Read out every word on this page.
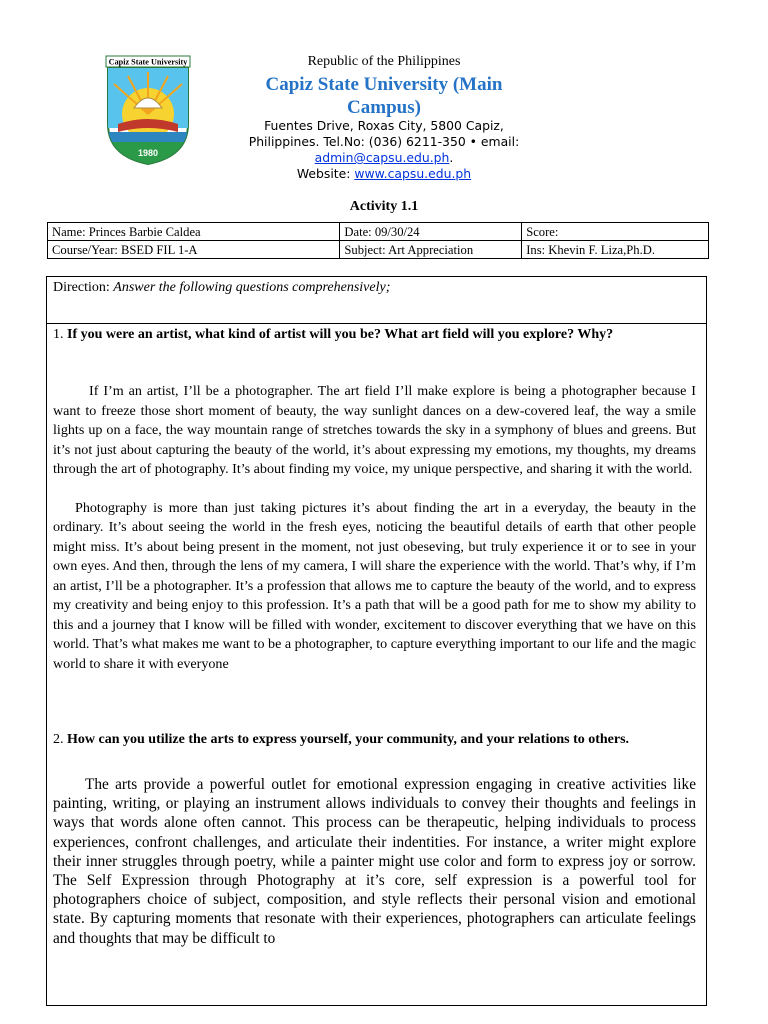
Capiz State University
1980
Republic of the Philippines
Capiz State University (Main Campus)
Fuentes Drive, Roxas City, 5800 Capiz, Philippines. Tel.No: (036) 6211-350 • email:
admin@capsu.edu.ph.
Website: www.capsu.edu.ph
Activity 1.1
Name: Princes Barbie Caldea	Date: 09/30/24	Score:
Course/Year: BSED FIL 1-A	Subject: Art Appreciation	Ins: Khevin F. Liza,Ph.D.
Direction: Answer the following questions comprehensively;

1. If you were an artist, what kind of artist will you be? What art field will you explore? Why?

If I’m an artist, I’ll be a photographer. The art field I’ll make explore is being a photographer because I want to freeze those short moment of beauty, the way sunlight dances on a dew-covered leaf, the way a smile lights up on a face, the way mountain range of stretches towards the sky in a symphony of blues and greens. But it’s not just about capturing the beauty of the world, it’s about expressing my emotions, my thoughts, my dreams through the art of photography. It’s about finding my voice, my unique perspective, and sharing it with the world.

Photography is more than just taking pictures it’s about finding the art in a everyday, the beauty in the ordinary. It’s about seeing the world in the fresh eyes, noticing the beautiful details of earth that other people might miss. It’s about being present in the moment, not just obeseving, but truly experience it or to see in your own eyes. And then, through the lens of my camera, I will share the experience with the world. That’s why, if I’m an artist, I’ll be a photographer. It’s a profession that allows me to capture the beauty of the world, and to express my creativity and being enjoy to this profession. It’s a path that will be a good path for me to show my ability to this and a journey that I know will be filled with wonder, excitement to discover everything that we have on this world. That’s what makes me want to be a photographer, to capture everything important to our life and the magic world to share it with everyone

2. How can you utilize the arts to express yourself, your community, and your relations to others.

The arts provide a powerful outlet for emotional expression engaging in creative activities like painting, writing, or playing an instrument allows individuals to convey their thoughts and feelings in ways that words alone often cannot. This process can be therapeutic, helping individuals to process experiences, confront challenges, and articulate their indentities. For instance, a writer might explore their inner struggles through poetry, while a painter might use color and form to express joy or sorrow. The Self Expression through Photography at it’s core, self expression is a powerful tool for photographers choice of subject, composition, and style reflects their personal vision and emotional state. By capturing moments that resonate with their experiences, photographers can articulate feelings and thoughts that may be difficult to
